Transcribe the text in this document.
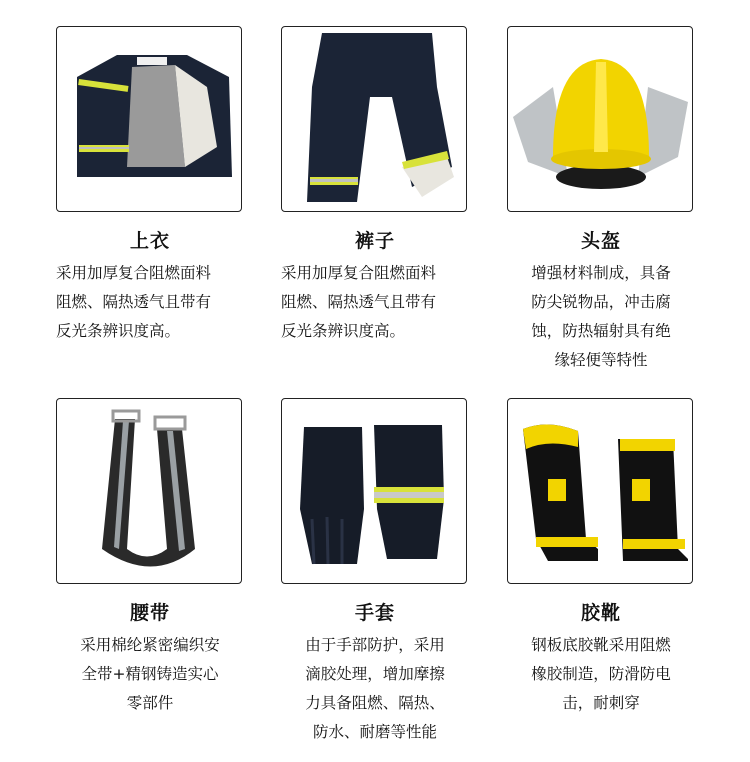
上衣
采用加厚复合阻燃面料
阻燃、隔热透气且带有
反光条辨识度高。
裤子
采用加厚复合阻燃面料
阻燃、隔热透气且带有
反光条辨识度高。
头盔
增强材料制成，具备
防尖锐物品，冲击腐
蚀，防热辐射具有绝
缘轻便等特性
腰带
采用棉纶紧密编织安
全带+精钢铸造实心
零部件
手套
由于手部防护，采用
滴胶处理，增加摩擦
力具备阻燃、隔热、
防水、耐磨等性能
胶靴
钢板底胶靴采用阻燃
橡胶制造，防滑防电
击，耐刺穿
